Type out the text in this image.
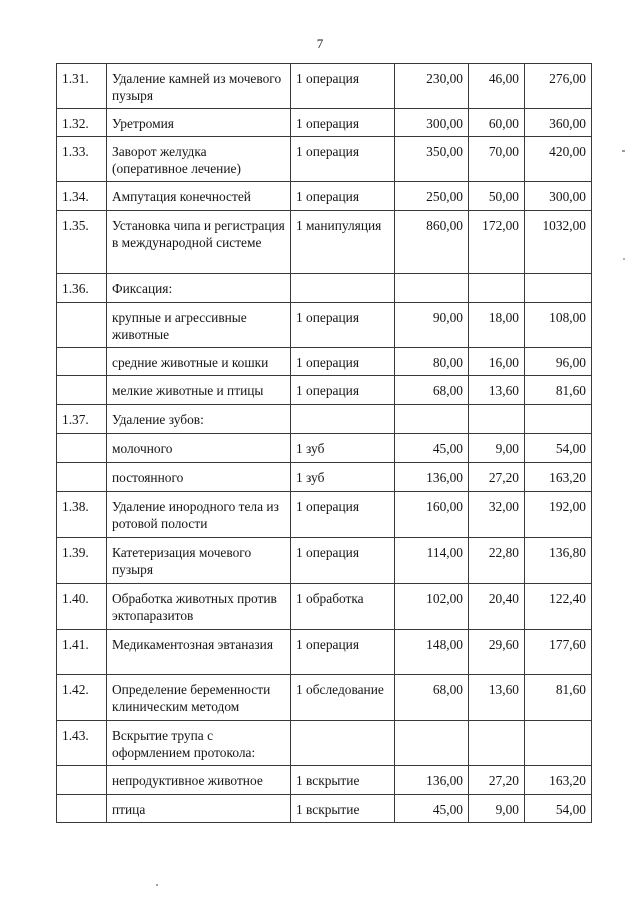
7
1.31.	Удаление камней из мочевого пузыря	1 операция	230,00	46,00	276,00
1.32.	Уретромия	1 операция	300,00	60,00	360,00
1.33.	Заворот желудка (оперативное лечение)	1 операция	350,00	70,00	420,00
1.34.	Ампутация конечностей	1 операция	250,00	50,00	300,00
1.35.	Установка чипа и регистрация в международной системе	1 манипуляция	860,00	172,00	1032,00
1.36.	Фиксация:				
	крупные и агрессивные животные	1 операция	90,00	18,00	108,00
	средние животные и кошки	1 операция	80,00	16,00	96,00
	мелкие животные и птицы	1 операция	68,00	13,60	81,60
1.37.	Удаление зубов:				
	молочного	1 зуб	45,00	9,00	54,00
	постоянного	1 зуб	136,00	27,20	163,20
1.38.	Удаление инородного тела из ротовой полости	1 операция	160,00	32,00	192,00
1.39.	Катетеризация мочевого пузыря	1 операция	114,00	22,80	136,80
1.40.	Обработка животных против эктопаразитов	1 обработка	102,00	20,40	122,40
1.41.	Медикаментозная эвтаназия	1 операция	148,00	29,60	177,60
1.42.	Определение беременности клиническим методом	1 обследование	68,00	13,60	81,60
1.43.	Вскрытие трупа с оформлением протокола:				
	непродуктивное животное	1 вскрытие	136,00	27,20	163,20
	птица	1 вскрытие	45,00	9,00	54,00
